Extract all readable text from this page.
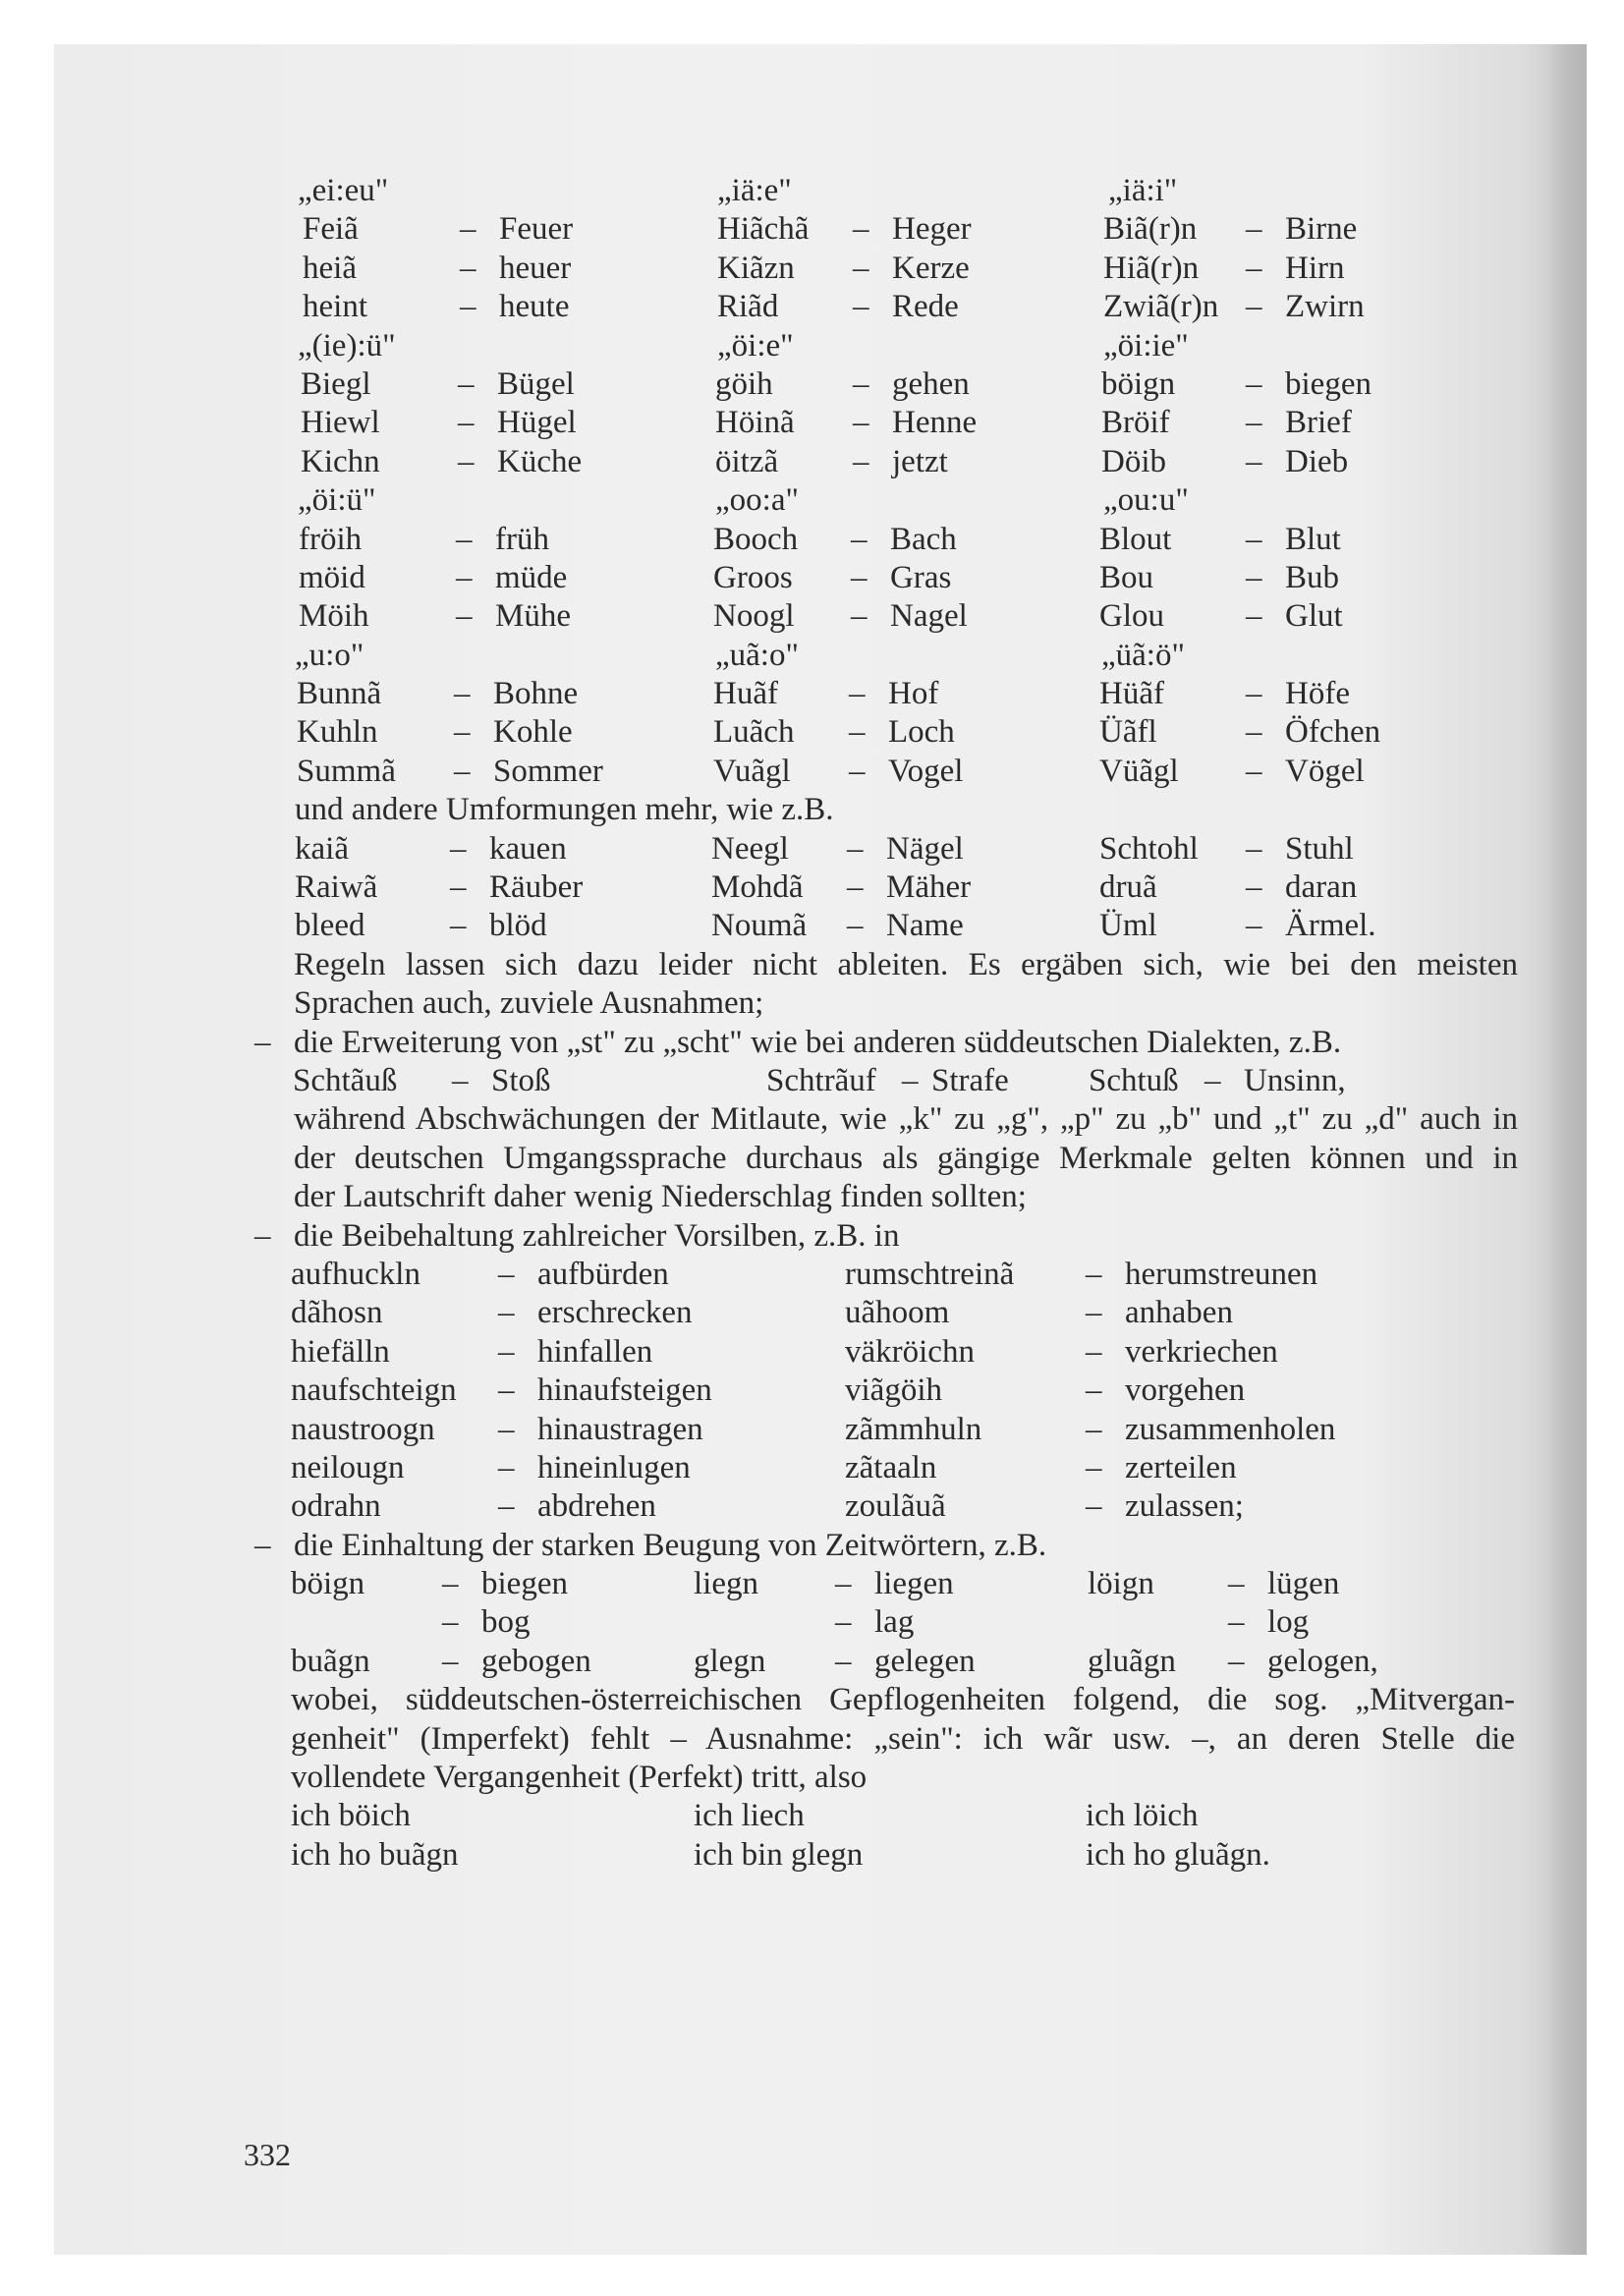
„ei:eu"	„iä:e"	„iä:i"
Feiã	– Feuer	Hiãchã – Heger	Biã(r)n – Birne
heiã	– heuer	Kiãzn – Kerze	Hiã(r)n – Hirn
heint	– heute	Riãd – Rede	Zwiã(r)n – Zwirn
„(ie):ü"	„öi:e"	„öi:ie"
Biegl	– Bügel	göih – gehen	böign – biegen
Hiewl – Hügel	Höinã – Henne	Bröif – Brief
Kichn – Küche	öitzã – jetzt	Döib – Dieb
„öi:ü"	„oo:a"	„ou:u"
fröih	– früh	Booch – Bach	Blout – Blut
möid	– müde	Groos – Gras	Bou	– Bub
Möih	– Mühe	Noogl – Nagel	Glou	– Glut
„u:o"	„uã:o"	„üã:ö"
Bunnã – Bohne	Huãf – Hof	Hüãf	– Höfe
Kuhln – Kohle	Luãch – Loch	Üãfl	– Öfchen
Summã – Sommer	Vuãgl – Vogel	Vüãgl – Vögel
und andere Umformungen mehr, wie z.B.
kaiã	– kauen	Neegl – Nägel	Schtohl – Stuhl
Raiwã – Räuber	Mohdã – Mäher	druã	– daran
bleed	– blöd	Noumã – Name	Üml	– Ärmel.
Regeln lassen sich dazu leider nicht ableiten. Es ergäben sich, wie bei den meisten
Sprachen auch, zuviele Ausnahmen;
– die Erweiterung von „st" zu „scht" wie bei anderen süddeutschen Dialekten, z.B.
Schtãuß – Stoß	Schtrãuf – Strafe Schtuß – Unsinn,
während Abschwächungen der Mitlaute, wie „k" zu „g", „p" zu „b" und „t" zu „d" auch in
der deutschen Umgangssprache durchaus als gängige Merkmale gelten können und in
der Lautschrift daher wenig Niederschlag finden sollten;
– die Beibehaltung zahlreicher Vorsilben, z.B. in
aufhuckln – aufbürden	rumschtreinã – herumstreunen
dãhosn	– erschrecken	uãhoom	– anhaben
hiefälln	– hinfallen	väkröichn	– verkriechen
naufschteign – hinaufsteigen	viãgöih	– vorgehen
naustroogn – hinaustragen	zãmmhuln	– zusammenholen
neilougn	– hineinlugen	zãtaaln	– zerteilen
odrahn	– abdrehen	zoulãuã	– zulassen;
– die Einhaltung der starken Beugung von Zeitwörtern, z.B.
böign – biegen	liegn – liegen	löign – lügen
– bog	– lag	– log
buãgn – gebogen	glegn – gelegen	gluãgn – gelogen,
wobei, süddeutschen-österreichischen Gepflogenheiten folgend, die sog. „Mitvergan-
genheit" (Imperfekt) fehlt – Ausnahme: „sein": ich wãr usw. –, an deren Stelle die
vollendete Vergangenheit (Perfekt) tritt, also
ich böich	ich liech	ich löich
ich ho buãgn	ich bin glegn	ich ho gluãgn.
332
